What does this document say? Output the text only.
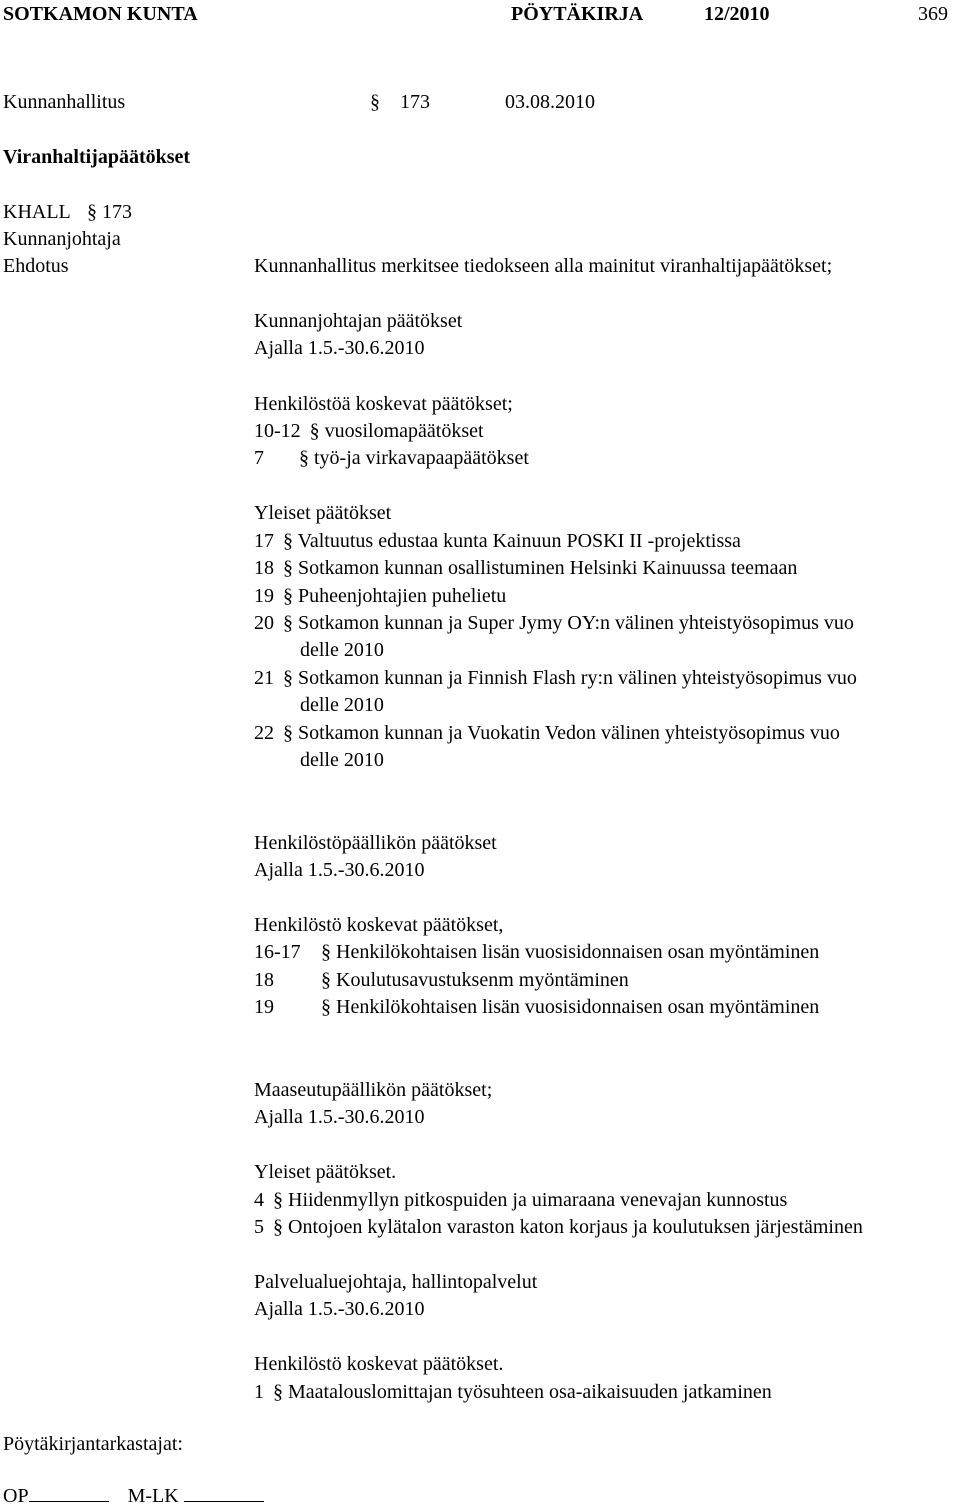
SOTKAMON KUNTA	PÖYTÄKIRJA	12/2010	369
Kunnanhallitus	§ 173	03.08.2010
Viranhaltijapäätökset
KHALL § 173
Kunnanjohtaja
Ehdotus	Kunnanhallitus merkitsee tiedokseen alla mainitut viranhaltijapäätökset;
Kunnanjohtajan päätökset
Ajalla 1.5.-30.6.2010
Henkilöstöä koskevat päätökset;
10-12 § vuosilomapäätökset
7 § työ-ja virkavapaapäätökset
Yleiset päätökset
17 § Valtuutus edustaa kunta Kainuun POSKI II -projektissa
18 § Sotkamon kunnan osallistuminen Helsinki Kainuussa teemaan
19 § Puheenjohtajien puhelietu
20 § Sotkamon kunnan ja Super Jymy OY:n välinen yhteistyösopimus vuo
delle 2010
21 § Sotkamon kunnan ja Finnish Flash ry:n välinen yhteistyösopimus vuo
delle 2010
22 § Sotkamon kunnan ja Vuokatin Vedon välinen yhteistyösopimus vuo
delle 2010
Henkilöstöpäällikön päätökset
Ajalla 1.5.-30.6.2010
Henkilöstö koskevat päätökset,
16-17 § Henkilökohtaisen lisän vuosisidonnaisen osan myöntäminen
18 § Koulutusavustuksenm myöntäminen
19 § Henkilökohtaisen lisän vuosisidonnaisen osan myöntäminen
Maaseutupäällikön päätökset;
Ajalla 1.5.-30.6.2010
Yleiset päätökset.
4 § Hiidenmyllyn pitkospuiden ja uimaraana venevajan kunnostus
5 § Ontojoen kylätalon varaston katon korjaus ja koulutuksen järjestäminen
Palvelualuejohtaja, hallintopalvelut
Ajalla 1.5.-30.6.2010
Henkilöstö koskevat päätökset.
1 § Maatalouslomittajan työsuhteen osa-aikaisuuden jatkaminen
Pöytäkirjantarkastajat:
OP	M-LK
